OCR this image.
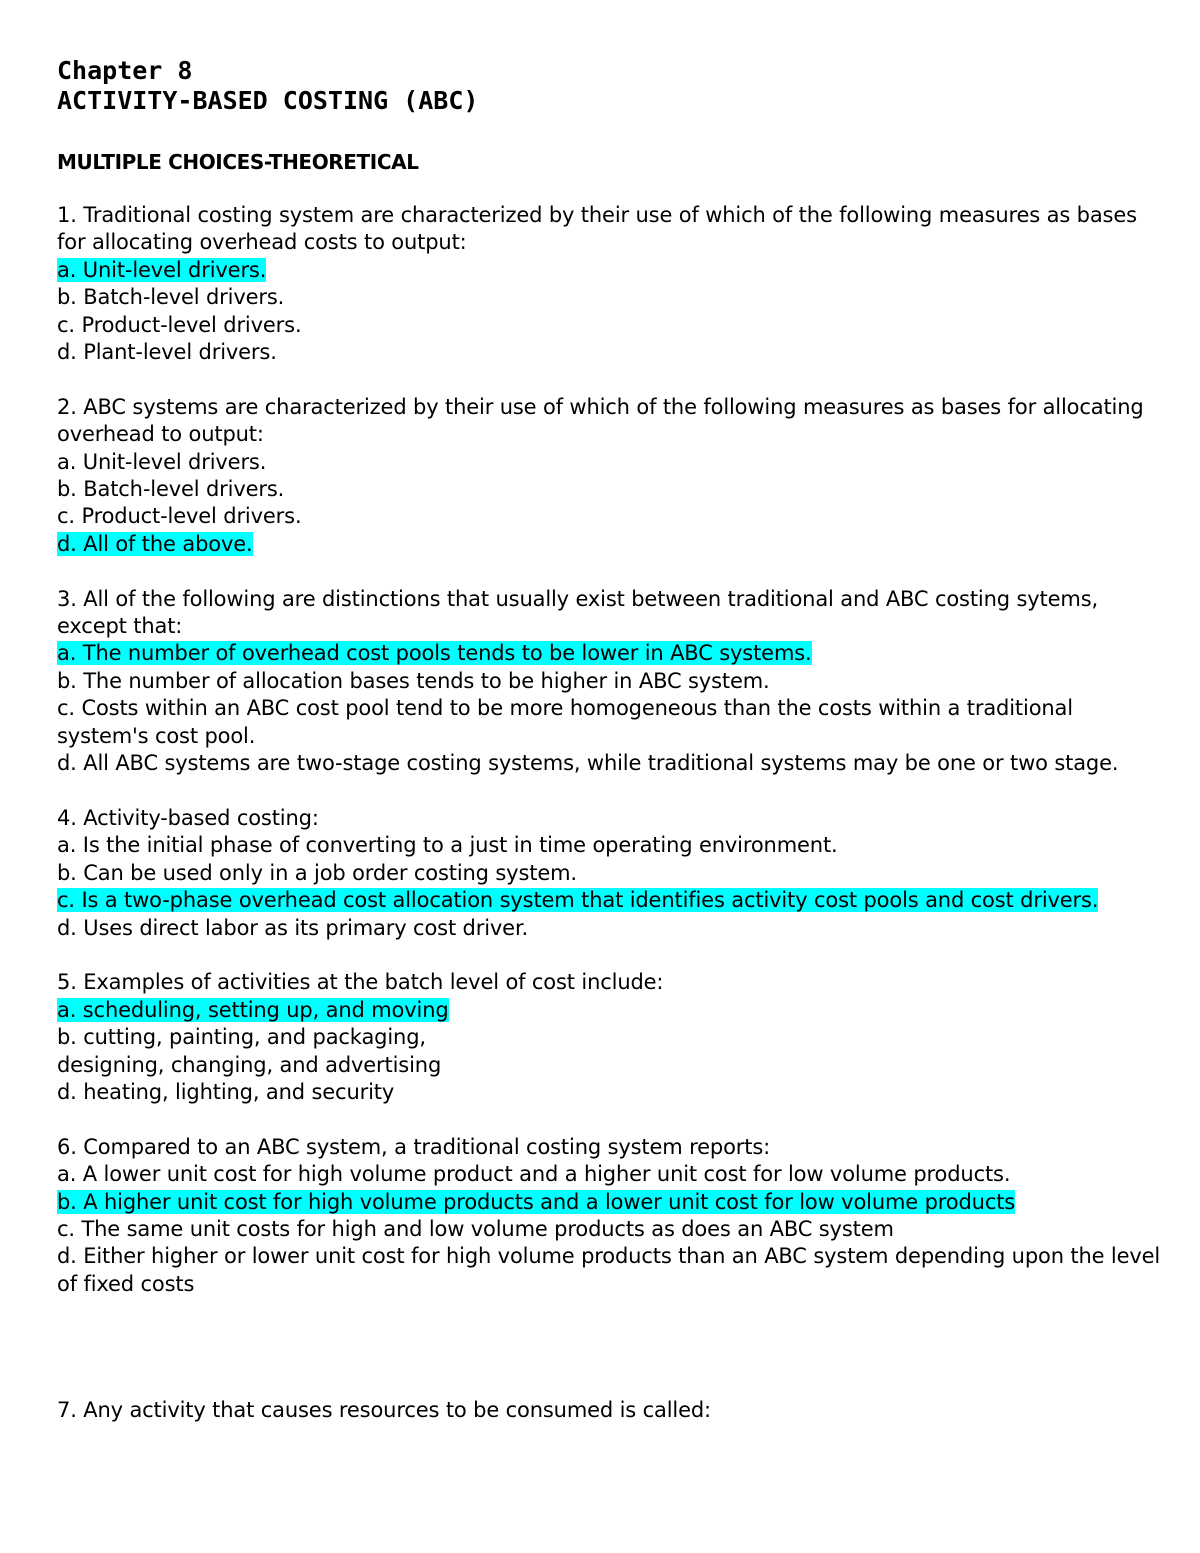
Chapter 8
ACTIVITY-BASED COSTING (ABC)
MULTIPLE CHOICES-THEORETICAL
1. Traditional costing system are characterized by their use of which of the following measures as bases for allocating overhead costs to output:
a. Unit-level drivers.
b. Batch-level drivers.
c. Product-level drivers.
d. Plant-level drivers.
2. ABC systems are characterized by their use of which of the following measures as bases for allocating overhead to output:
a. Unit-level drivers.
b. Batch-level drivers.
c. Product-level drivers.
d. All of the above.
3. All of the following are distinctions that usually exist between traditional and ABC costing sytems, except that:
a. The number of overhead cost pools tends to be lower in ABC systems.
b. The number of allocation bases tends to be higher in ABC system.
c. Costs within an ABC cost pool tend to be more homogeneous than the costs within a traditional system's cost pool.
d. All ABC systems are two-stage costing systems, while traditional systems may be one or two stage.
4. Activity-based costing:
a. Is the initial phase of converting to a just in time operating environment.
b. Can be used only in a job order costing system.
c. Is a two-phase overhead cost allocation system that identifies activity cost pools and cost drivers.
d. Uses direct labor as its primary cost driver.
5. Examples of activities at the batch level of cost include:
a. scheduling, setting up, and moving
b. cutting, painting, and packaging,
designing, changing, and advertising
d. heating, lighting, and security
6. Compared to an ABC system, a traditional costing system reports:
a. A lower unit cost for high volume product and a higher unit cost for low volume products.
b. A higher unit cost for high volume products and a lower unit cost for low volume products
c. The same unit costs for high and low volume products as does an ABC system
d. Either higher or lower unit cost for high volume products than an ABC system depending upon the level of fixed costs
7. Any activity that causes resources to be consumed is called:
